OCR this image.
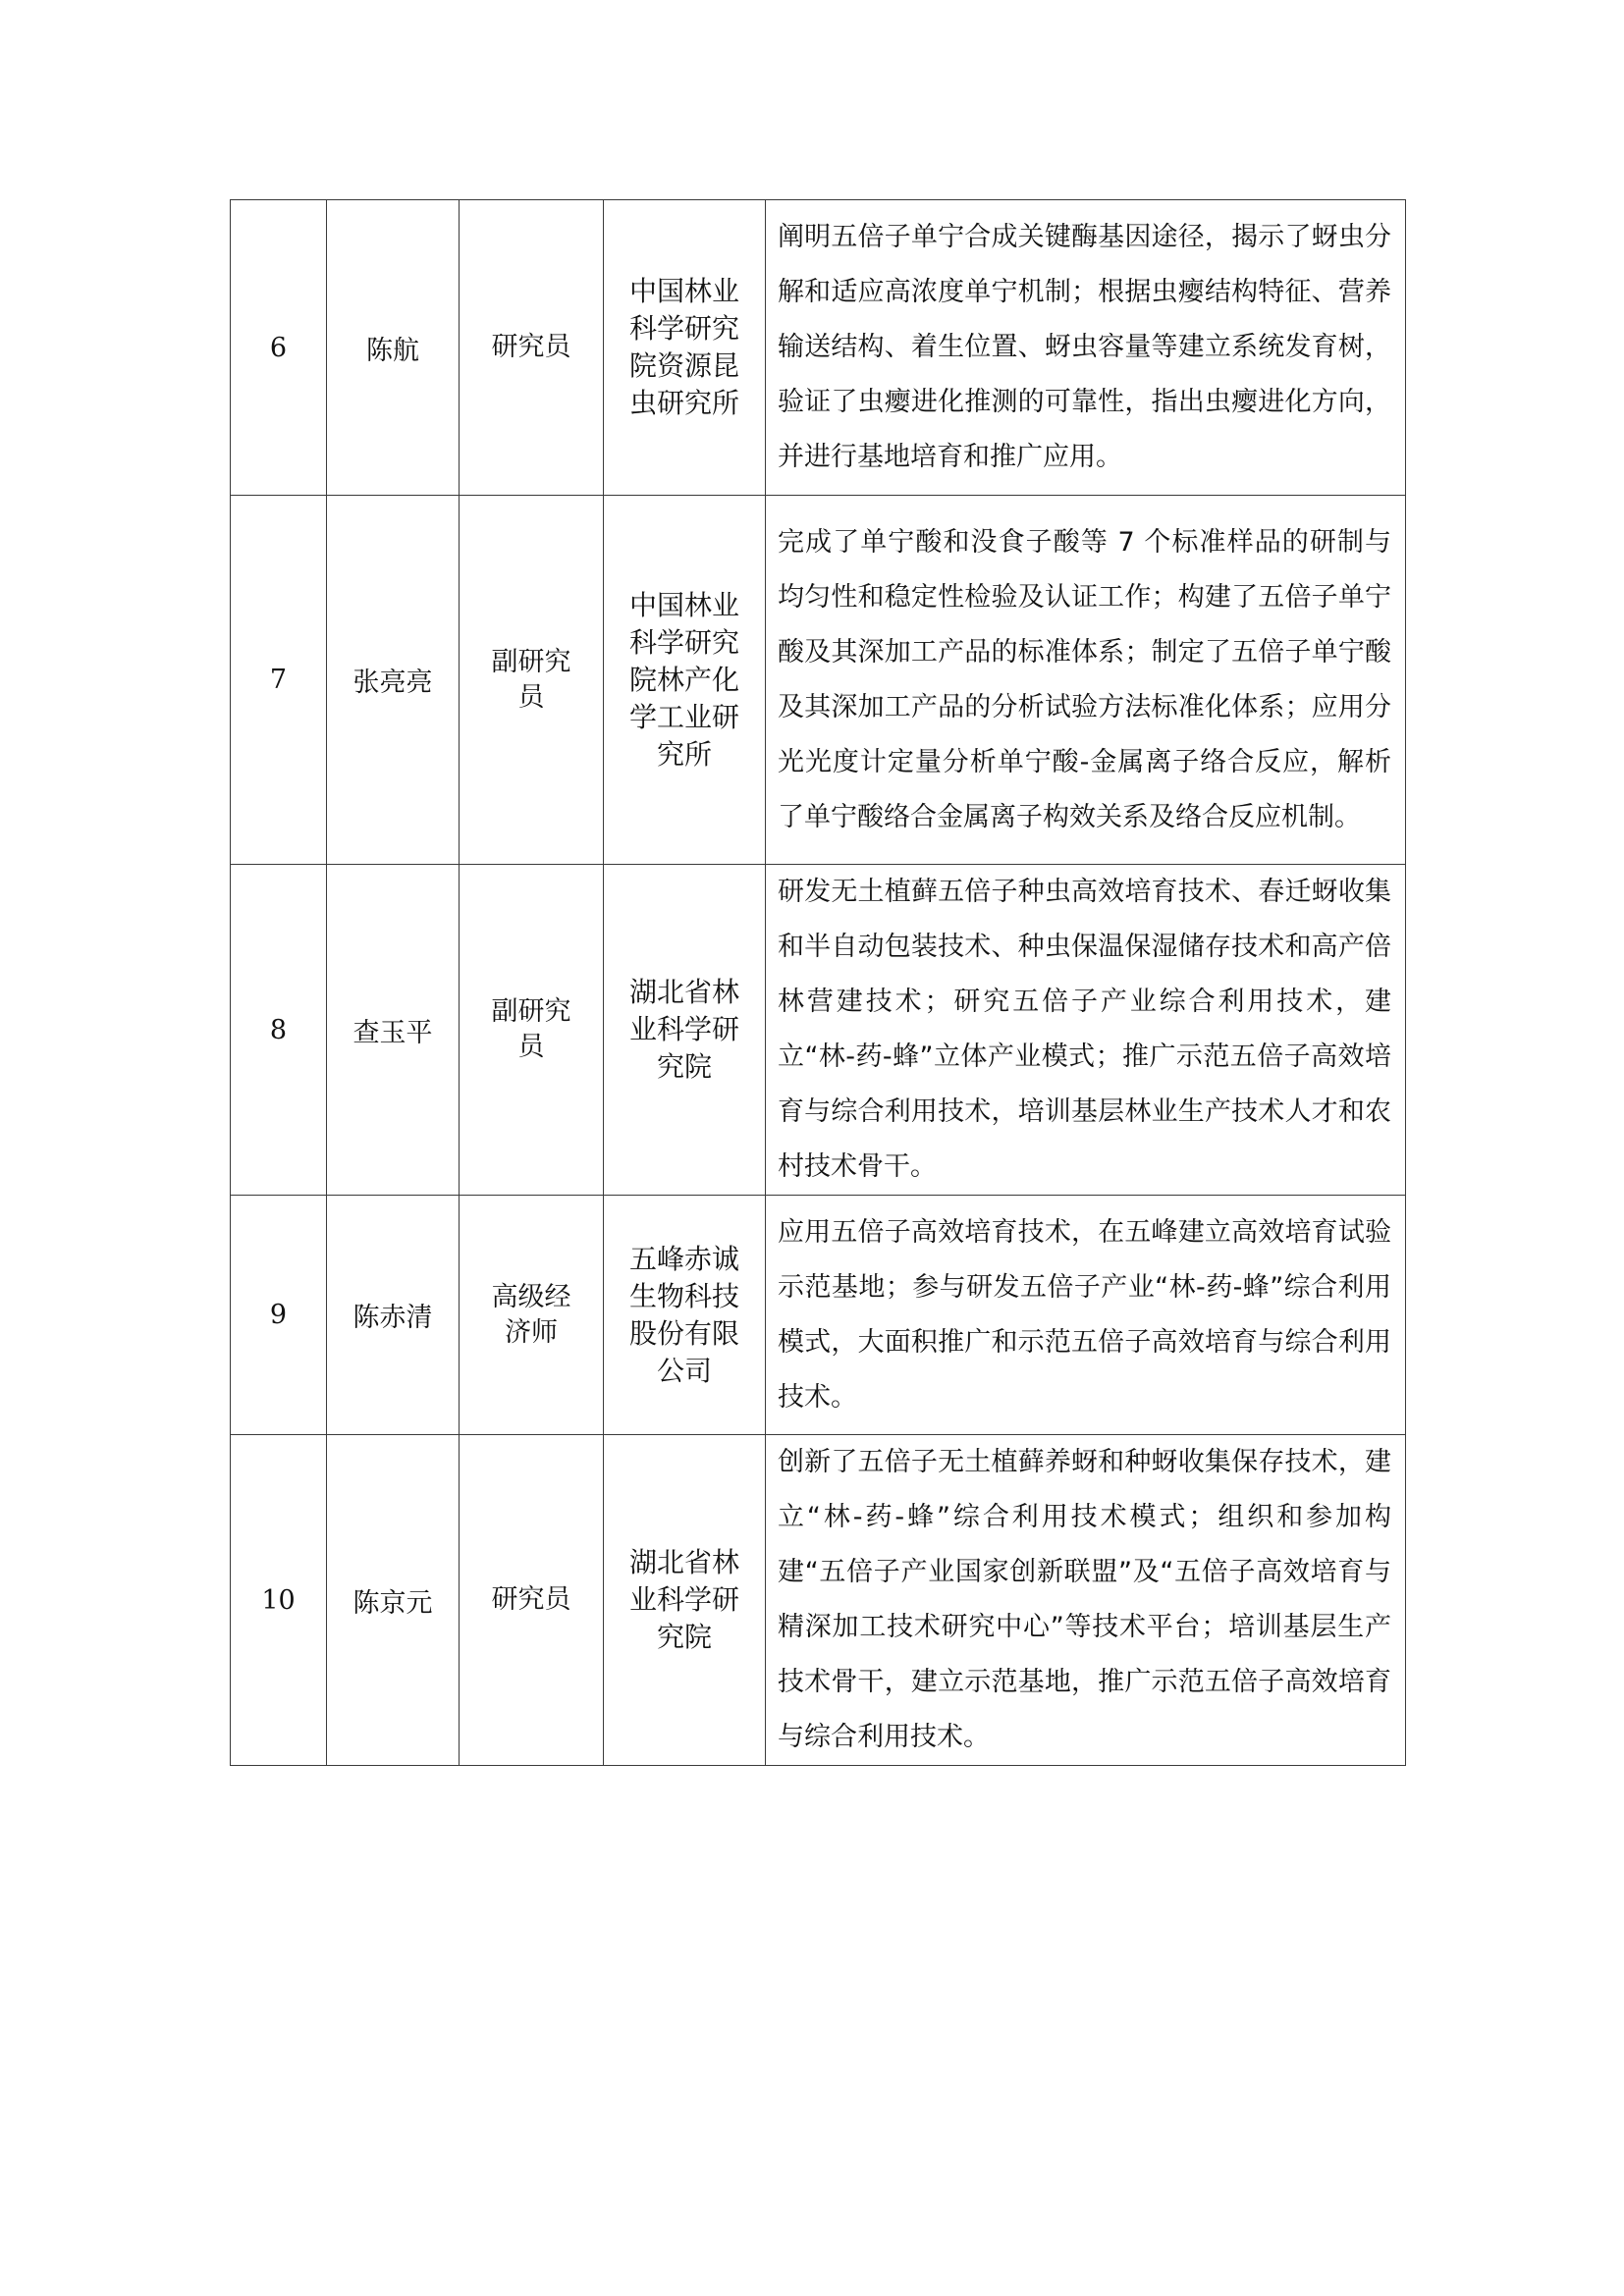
6	陈航	研究员	中国林业科学研究院资源昆虫研究所	阐明五倍子单宁合成关键酶基因途径，揭示了蚜虫分解和适应高浓度单宁机制；根据虫瘿结构特征、营养输送结构、着生位置、蚜虫容量等建立系统发育树，验证了虫瘿进化推测的可靠性，指出虫瘿进化方向，并进行基地培育和推广应用。

7	张亮亮	副研究员	中国林业科学研究院林产化学工业研究所	完成了单宁酸和没食子酸等 7 个标准样品的研制与均匀性和稳定性检验及认证工作；构建了五倍子单宁酸及其深加工产品的标准体系；制定了五倍子单宁酸及其深加工产品的分析试验方法标准化体系；应用分光光度计定量分析单宁酸-金属离子络合反应，解析了单宁酸络合金属离子构效关系及络合反应机制。

8	查玉平	副研究员	湖北省林业科学研究院	研发无土植藓五倍子种虫高效培育技术、春迁蚜收集和半自动包装技术、种虫保温保湿储存技术和高产倍林营建技术；研究五倍子产业综合利用技术，建立“林-药-蜂”立体产业模式；推广示范五倍子高效培育与综合利用技术，培训基层林业生产技术人才和农村技术骨干。

9	陈赤清	高级经济师	五峰赤诚生物科技股份有限公司	应用五倍子高效培育技术，在五峰建立高效培育试验示范基地；参与研发五倍子产业“林-药-蜂”综合利用模式，大面积推广和示范五倍子高效培育与综合利用技术。

10	陈京元	研究员	湖北省林业科学研究院	创新了五倍子无土植藓养蚜和种蚜收集保存技术，建立“林-药-蜂”综合利用技术模式；组织和参加构建“五倍子产业国家创新联盟”及“五倍子高效培育与精深加工技术研究中心”等技术平台；培训基层生产技术骨干，建立示范基地，推广示范五倍子高效培育与综合利用技术。
